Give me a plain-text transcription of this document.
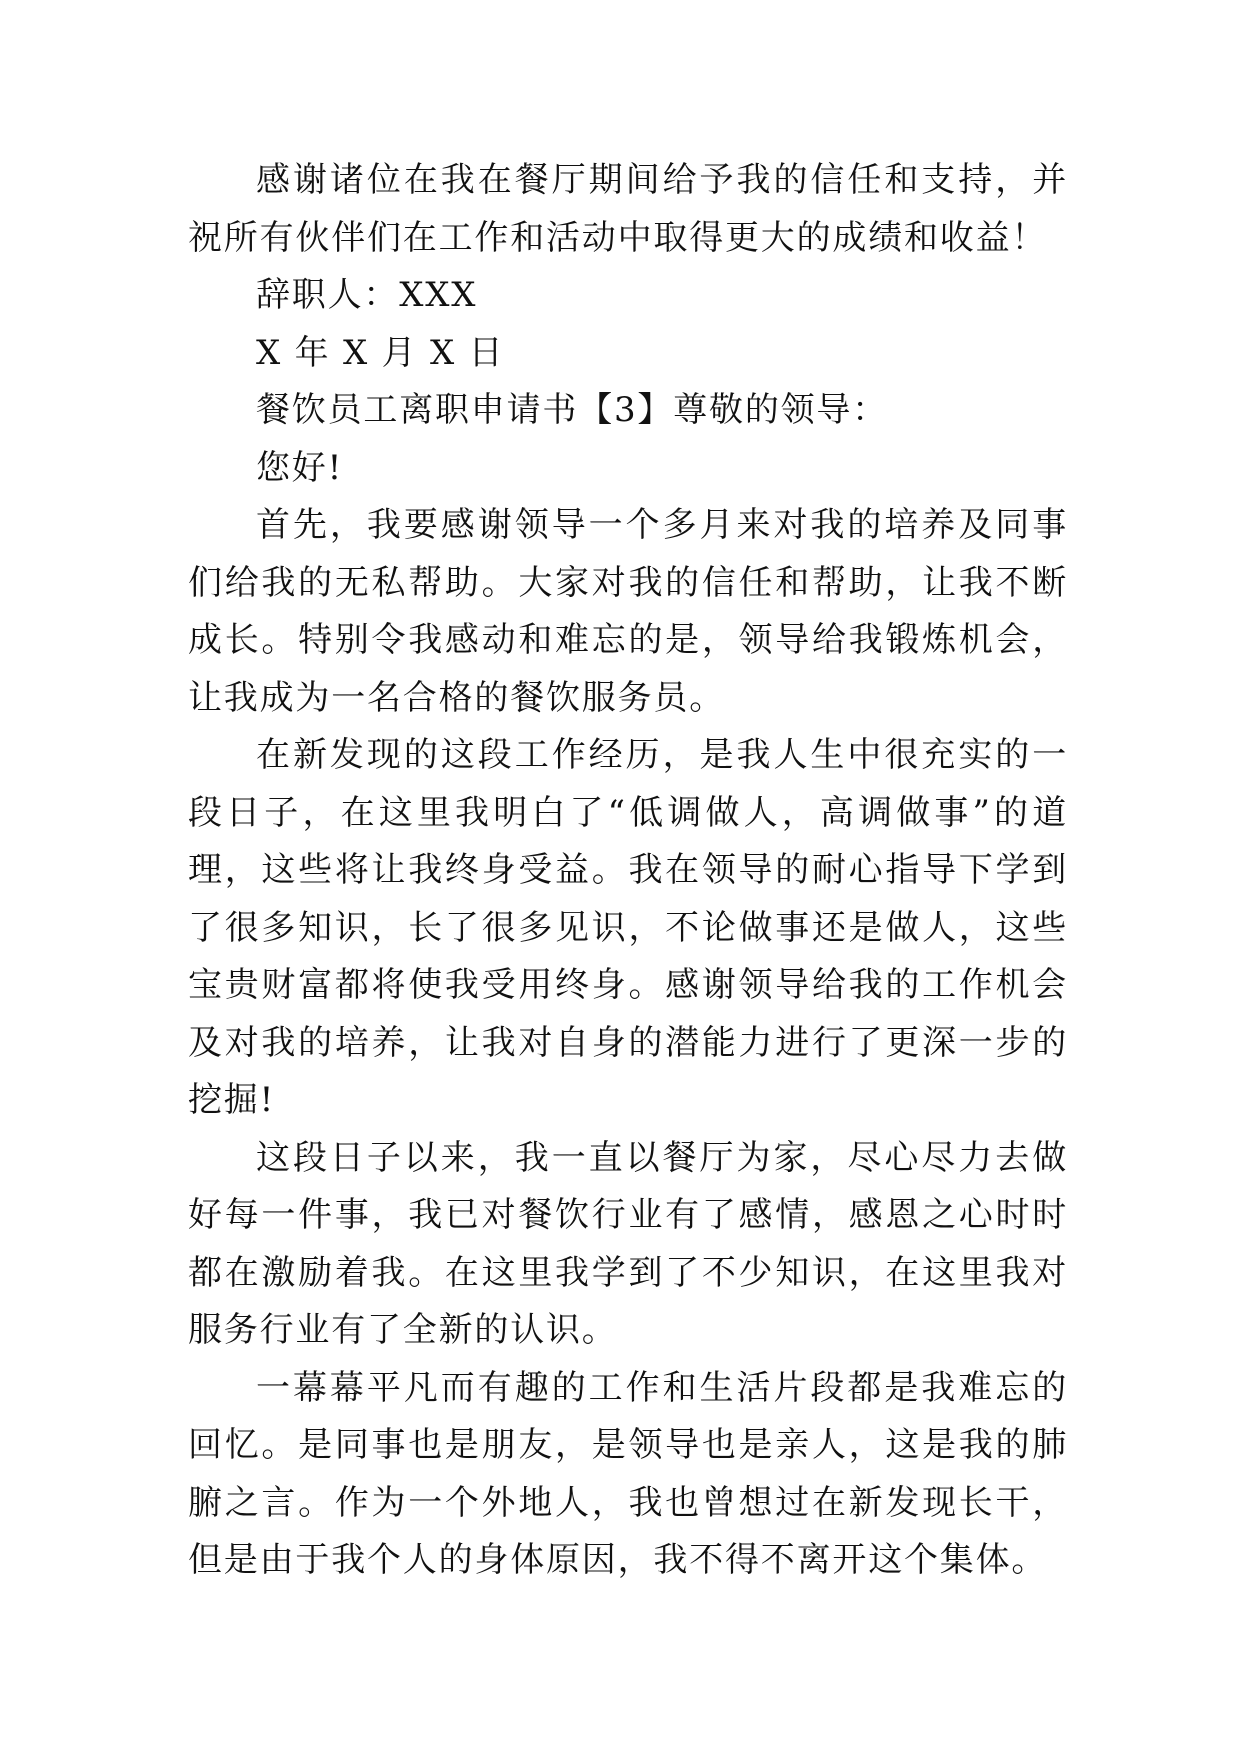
感谢诸位在我在餐厅期间给予我的信任和支持，并祝所有伙伴们在工作和活动中取得更大的成绩和收益！

辞职人：XXX

X 年 X 月 X 日

餐饮员工离职申请书【3】尊敬的领导：

您好!

首先，我要感谢领导一个多月来对我的培养及同事们给我的无私帮助。大家对我的信任和帮助，让我不断成长。特别令我感动和难忘的是，领导给我锻炼机会，让我成为一名合格的餐饮服务员。

在新发现的这段工作经历，是我人生中很充实的一段日子，在这里我明白了“低调做人，高调做事”的道理，这些将让我终身受益。我在领导的耐心指导下学到了很多知识，长了很多见识，不论做事还是做人，这些宝贵财富都将使我受用终身。感谢领导给我的工作机会及对我的培养，让我对自身的潜能力进行了更深一步的挖掘!

这段日子以来，我一直以餐厅为家，尽心尽力去做好每一件事，我已对餐饮行业有了感情，感恩之心时时都在激励着我。在这里我学到了不少知识，在这里我对服务行业有了全新的认识。

一幕幕平凡而有趣的工作和生活片段都是我难忘的回忆。是同事也是朋友，是领导也是亲人，这是我的肺腑之言。作为一个外地人，我也曾想过在新发现长干，但是由于我个人的身体原因，我不得不离开这个集体。
